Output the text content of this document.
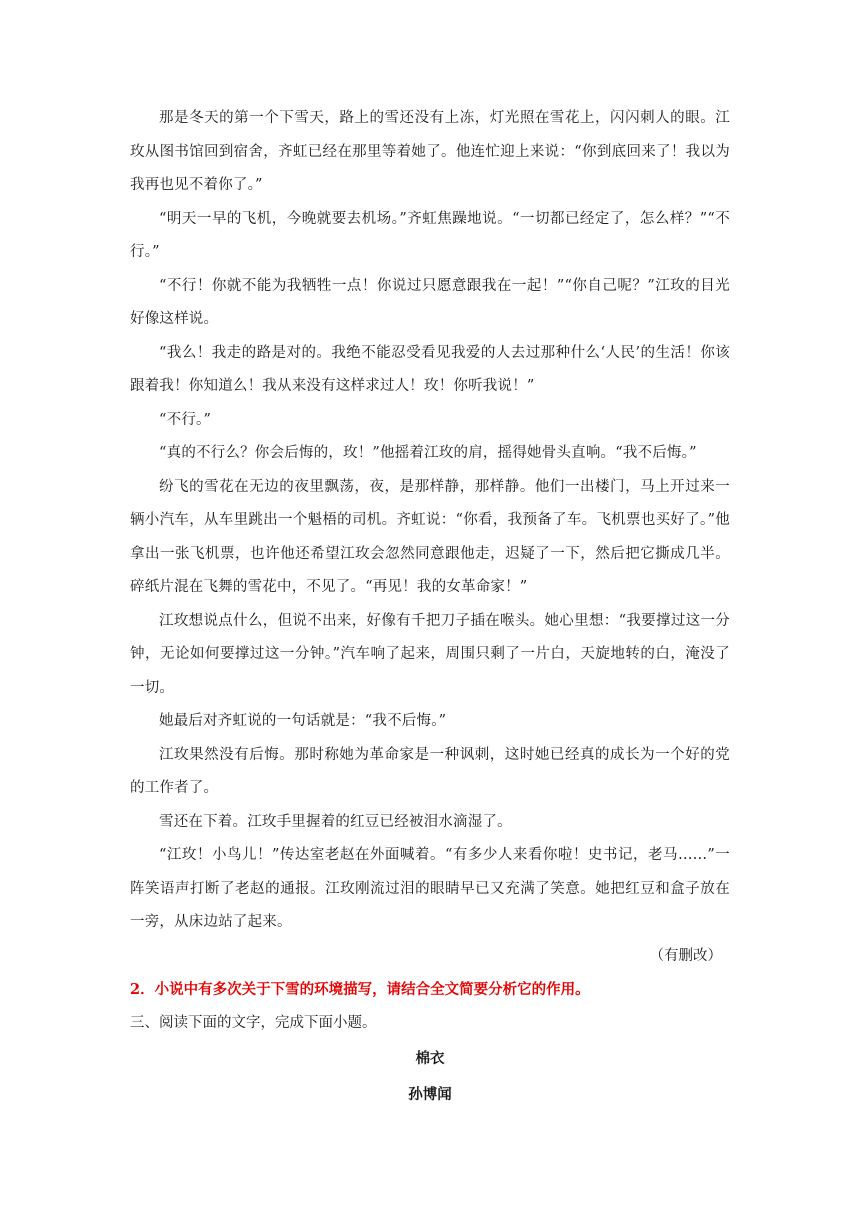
那是冬天的第一个下雪天，路上的雪还没有上冻，灯光照在雪花上，闪闪刺人的眼。江玫从图书馆回到宿舍，齐虹已经在那里等着她了。他连忙迎上来说：“你到底回来了！我以为我再也见不着你了。”

“明天一早的飞机，今晚就要去机场。”齐虹焦躁地说。“一切都已经定了，怎么样？”“不行。”

“不行！你就不能为我牺牲一点！你说过只愿意跟我在一起！”“你自己呢？”江玫的目光好像这样说。

“我么！我走的路是对的。我绝不能忍受看见我爱的人去过那种什么‘人民’的生活！你该跟着我！你知道么！我从来没有这样求过人！玫！你听我说！”

“不行。”

“真的不行么？你会后悔的，玫！”他摇着江玫的肩，摇得她骨头直响。“我不后悔。”

纷飞的雪花在无边的夜里飘荡，夜，是那样静，那样静。他们一出楼门，马上开过来一辆小汽车，从车里跳出一个魁梧的司机。齐虹说：“你看，我预备了车。飞机票也买好了。”他拿出一张飞机票，也许他还希望江玫会忽然同意跟他走，迟疑了一下，然后把它撕成几半。碎纸片混在飞舞的雪花中，不见了。“再见！我的女革命家！”

江玫想说点什么，但说不出来，好像有千把刀子插在喉头。她心里想：“我要撑过这一分钟，无论如何要撑过这一分钟。”汽车响了起来，周围只剩了一片白，天旋地转的白，淹没了一切。

她最后对齐虹说的一句话就是：“我不后悔。”

江玫果然没有后悔。那时称她为革命家是一种讽刺，这时她已经真的成长为一个好的党的工作者了。

雪还在下着。江玫手里握着的红豆已经被泪水滴湿了。

“江玫！小鸟儿！”传达室老赵在外面喊着。“有多少人来看你啦！史书记，老马……”一阵笑语声打断了老赵的通报。江玫刚流过泪的眼睛早已又充满了笑意。她把红豆和盒子放在一旁，从床边站了起来。

（有删改）

2．小说中有多次关于下雪的环境描写，请结合全文简要分析它的作用。

三、阅读下面的文字，完成下面小题。

棉衣

孙博闻
